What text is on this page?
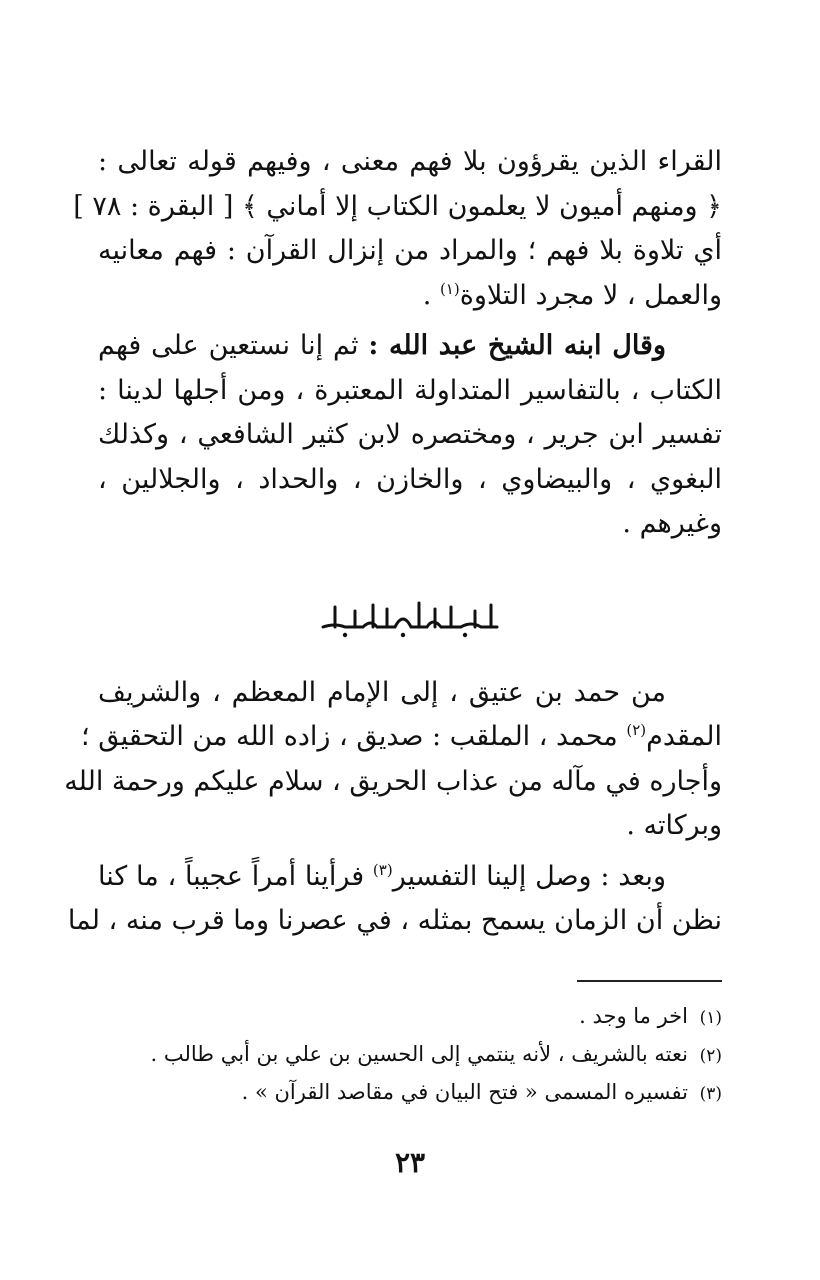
القراء الذين يقرؤون بلا فهم معنى ، وفيهم قوله تعالى :
﴿ ومنهم أميون لا يعلمون الكتاب إلا أماني ﴾ [ البقرة : ٧٨ ]
أي تلاوة بلا فهم ؛ والمراد من إنزال القرآن : فهم معانيه
والعمل ، لا مجرد التلاوة$^{(١)}$ .

وقال ابنه الشيخ عبد الله : ثم إنا نستعين على فهم
الكتاب ، بالتفاسير المتداولة المعتبرة ، ومن أجلها لدينا :
تفسير ابن جرير ، ومختصره لابن كثير الشافعي ، وكذلك
البغوي ، والبيضاوي ، والخازن ، والحداد ، والجلالين ،
وغيرهم .

من حمد بن عتيق ، إلى الإمام المعظم ، والشريف
المقدم$^{(٢)}$ محمد ، الملقب : صديق ، زاده الله من التحقيق ؛
وأجاره في مآله من عذاب الحريق ، سلام عليكم ورحمة الله
وبركاته .

وبعد : وصل إلينا التفسير$^{(٣)}$ فرأينا أمراً عجيباً ، ما كنا
نظن أن الزمان يسمح بمثله ، في عصرنا وما قرب منه ، لما

(١)اخر ما وجد .
(٢)نعته بالشريف ، لأنه ينتمي إلى الحسين بن علي بن أبي طالب .
(٣)تفسيره المسمى « فتح البيان في مقاصد القرآن » .
٢٣
